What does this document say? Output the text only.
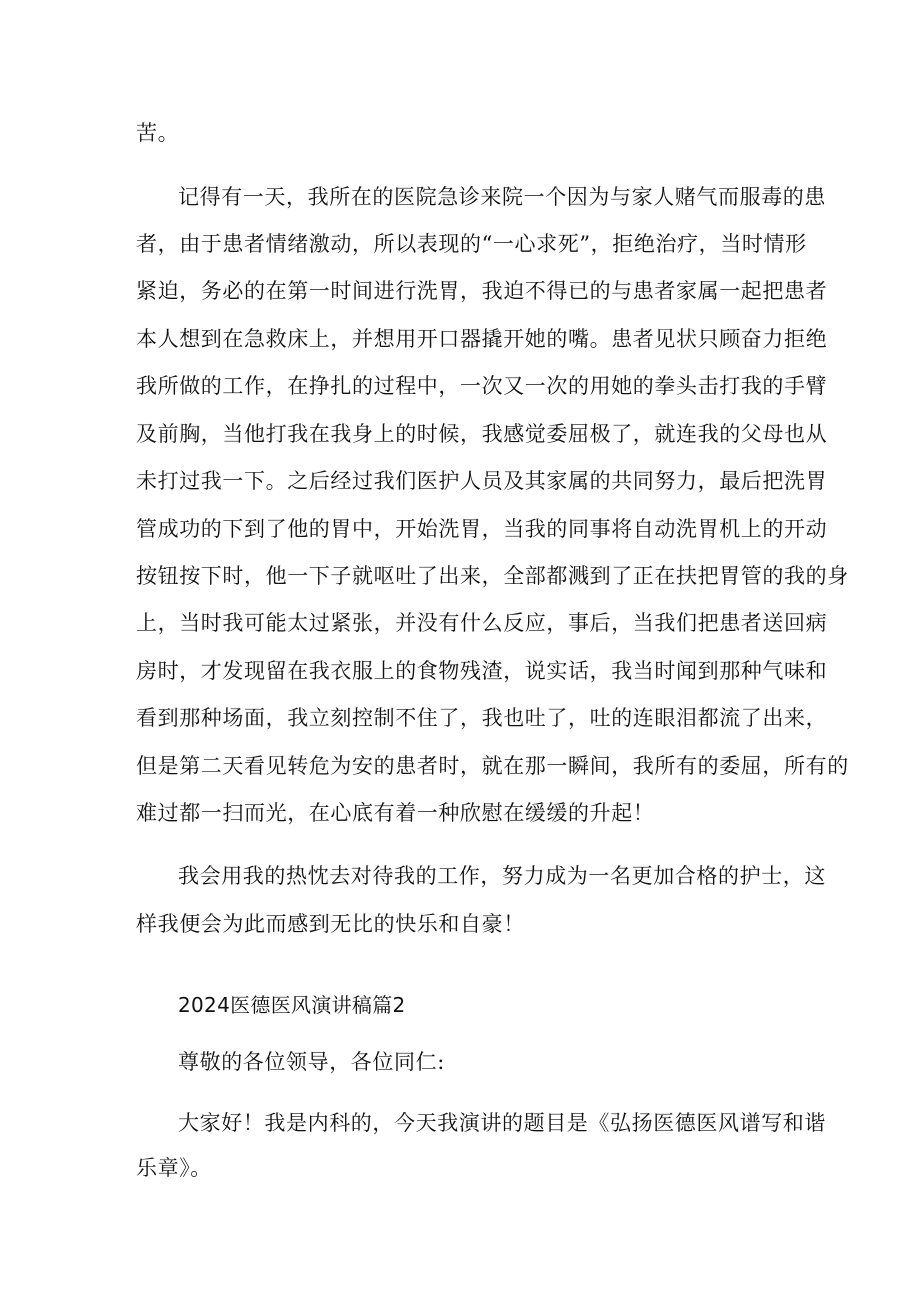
苦。
记得有一天，我所在的医院急诊来院一个因为与家人赌气而服毒的患
者，由于患者情绪激动，所以表现的“一心求死”，拒绝治疗，当时情形
紧迫，务必的在第一时间进行洗胃，我迫不得已的与患者家属一起把患者
本人想到在急救床上，并想用开口器撬开她的嘴。患者见状只顾奋力拒绝
我所做的工作，在挣扎的过程中，一次又一次的用她的拳头击打我的手臂
及前胸，当他打我在我身上的时候，我感觉委屈极了，就连我的父母也从
未打过我一下。之后经过我们医护人员及其家属的共同努力，最后把洗胃
管成功的下到了他的胃中，开始洗胃，当我的同事将自动洗胃机上的开动
按钮按下时，他一下子就呕吐了出来，全部都溅到了正在扶把胃管的我的身
上，当时我可能太过紧张，并没有什么反应，事后，当我们把患者送回病
房时，才发现留在我衣服上的食物残渣，说实话，我当时闻到那种气味和
看到那种场面，我立刻控制不住了，我也吐了，吐的连眼泪都流了出来，
但是第二天看见转危为安的患者时，就在那一瞬间，我所有的委屈，所有的
难过都一扫而光，在心底有着一种欣慰在缓缓的升起！
我会用我的热忱去对待我的工作，努力成为一名更加合格的护士，这
样我便会为此而感到无比的快乐和自豪！
2024医德医风演讲稿篇2
尊敬的各位领导，各位同仁:
大家好！我是内科的，今天我演讲的题目是《弘扬医德医风谱写和谐
乐章》。
